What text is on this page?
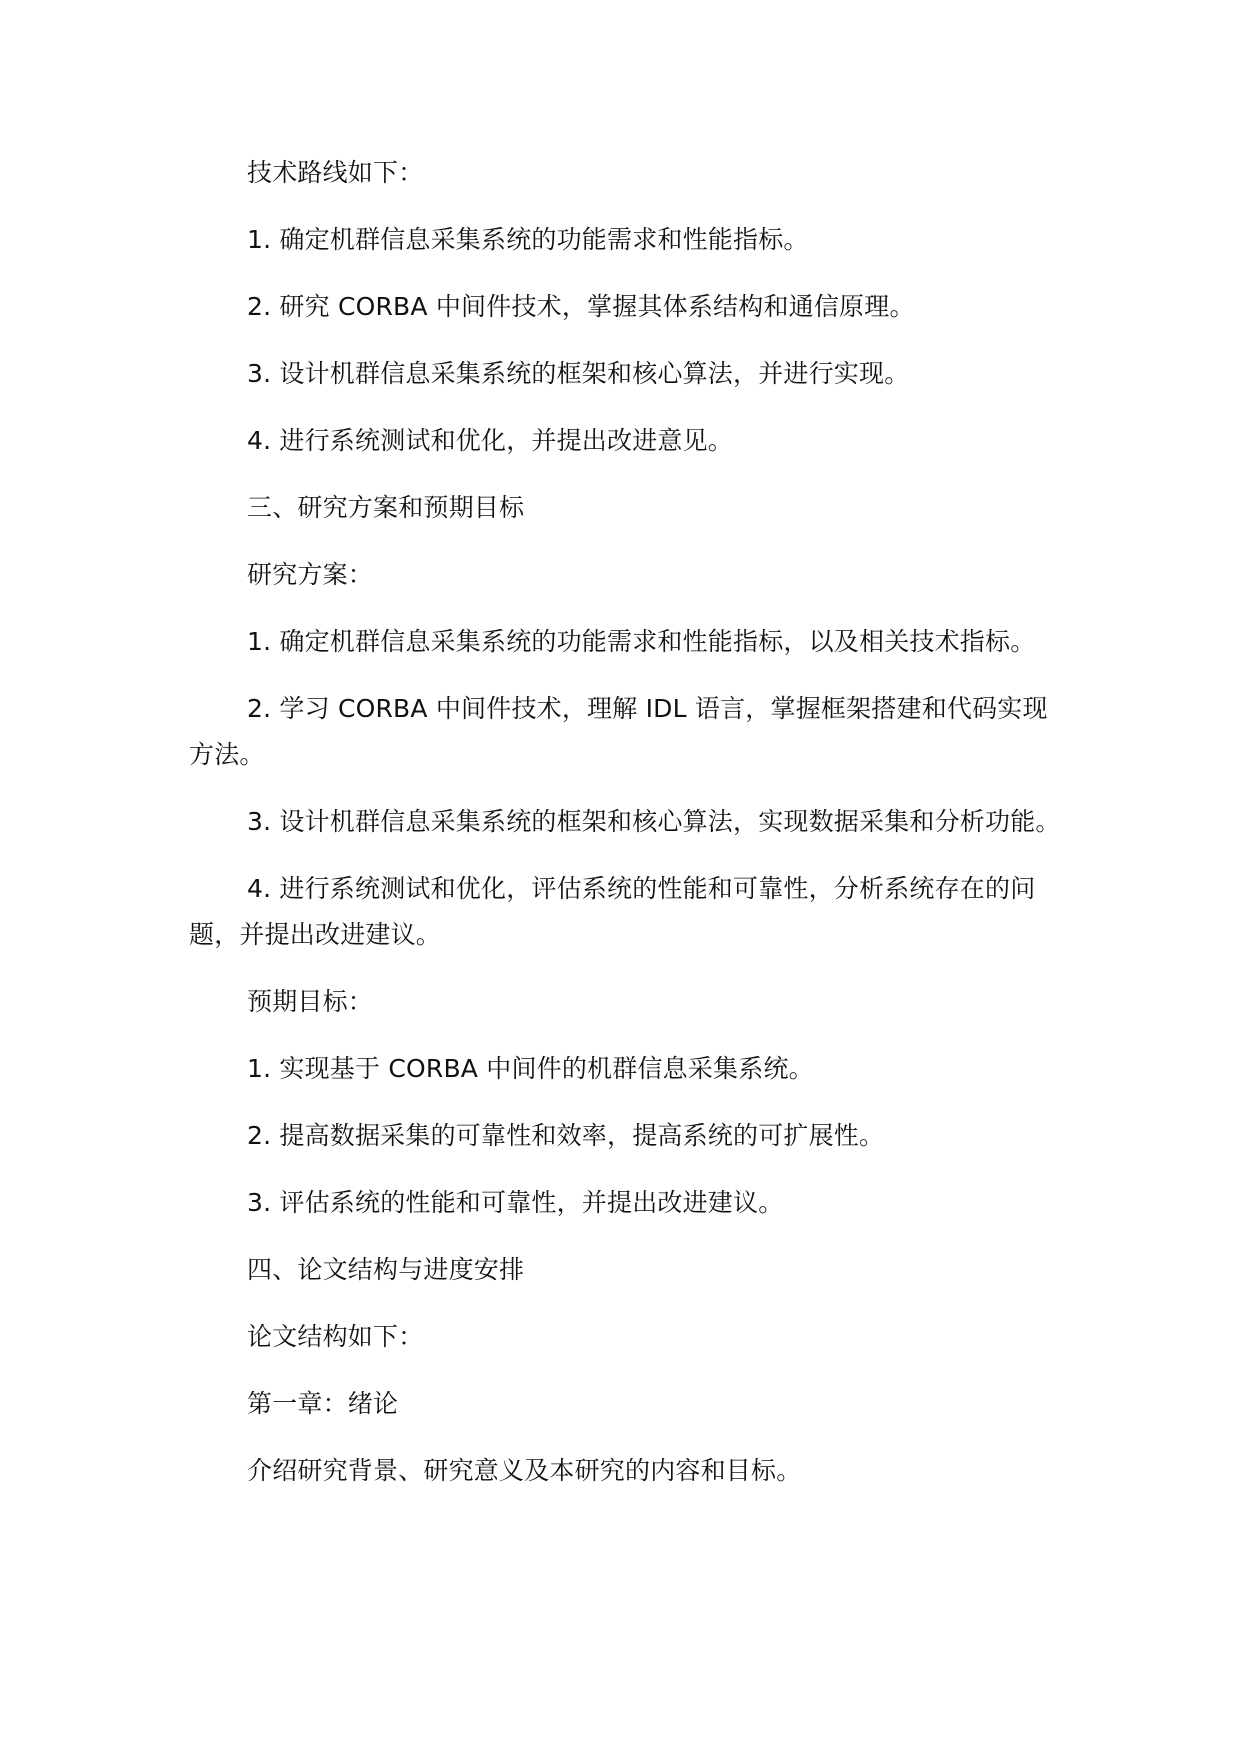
技术路线如下：

1. 确定机群信息采集系统的功能需求和性能指标。

2. 研究 CORBA 中间件技术，掌握其体系结构和通信原理。

3. 设计机群信息采集系统的框架和核心算法，并进行实现。

4. 进行系统测试和优化，并提出改进意见。

三、研究方案和预期目标

研究方案：

1. 确定机群信息采集系统的功能需求和性能指标，以及相关技术指标。

2. 学习 CORBA 中间件技术，理解 IDL 语言，掌握框架搭建和代码实现方法。

3. 设计机群信息采集系统的框架和核心算法，实现数据采集和分析功能。

4. 进行系统测试和优化，评估系统的性能和可靠性，分析系统存在的问题，并提出改进建议。

预期目标：

1. 实现基于 CORBA 中间件的机群信息采集系统。

2. 提高数据采集的可靠性和效率，提高系统的可扩展性。

3. 评估系统的性能和可靠性，并提出改进建议。

四、论文结构与进度安排

论文结构如下：

第一章：绪论

介绍研究背景、研究意义及本研究的内容和目标。
